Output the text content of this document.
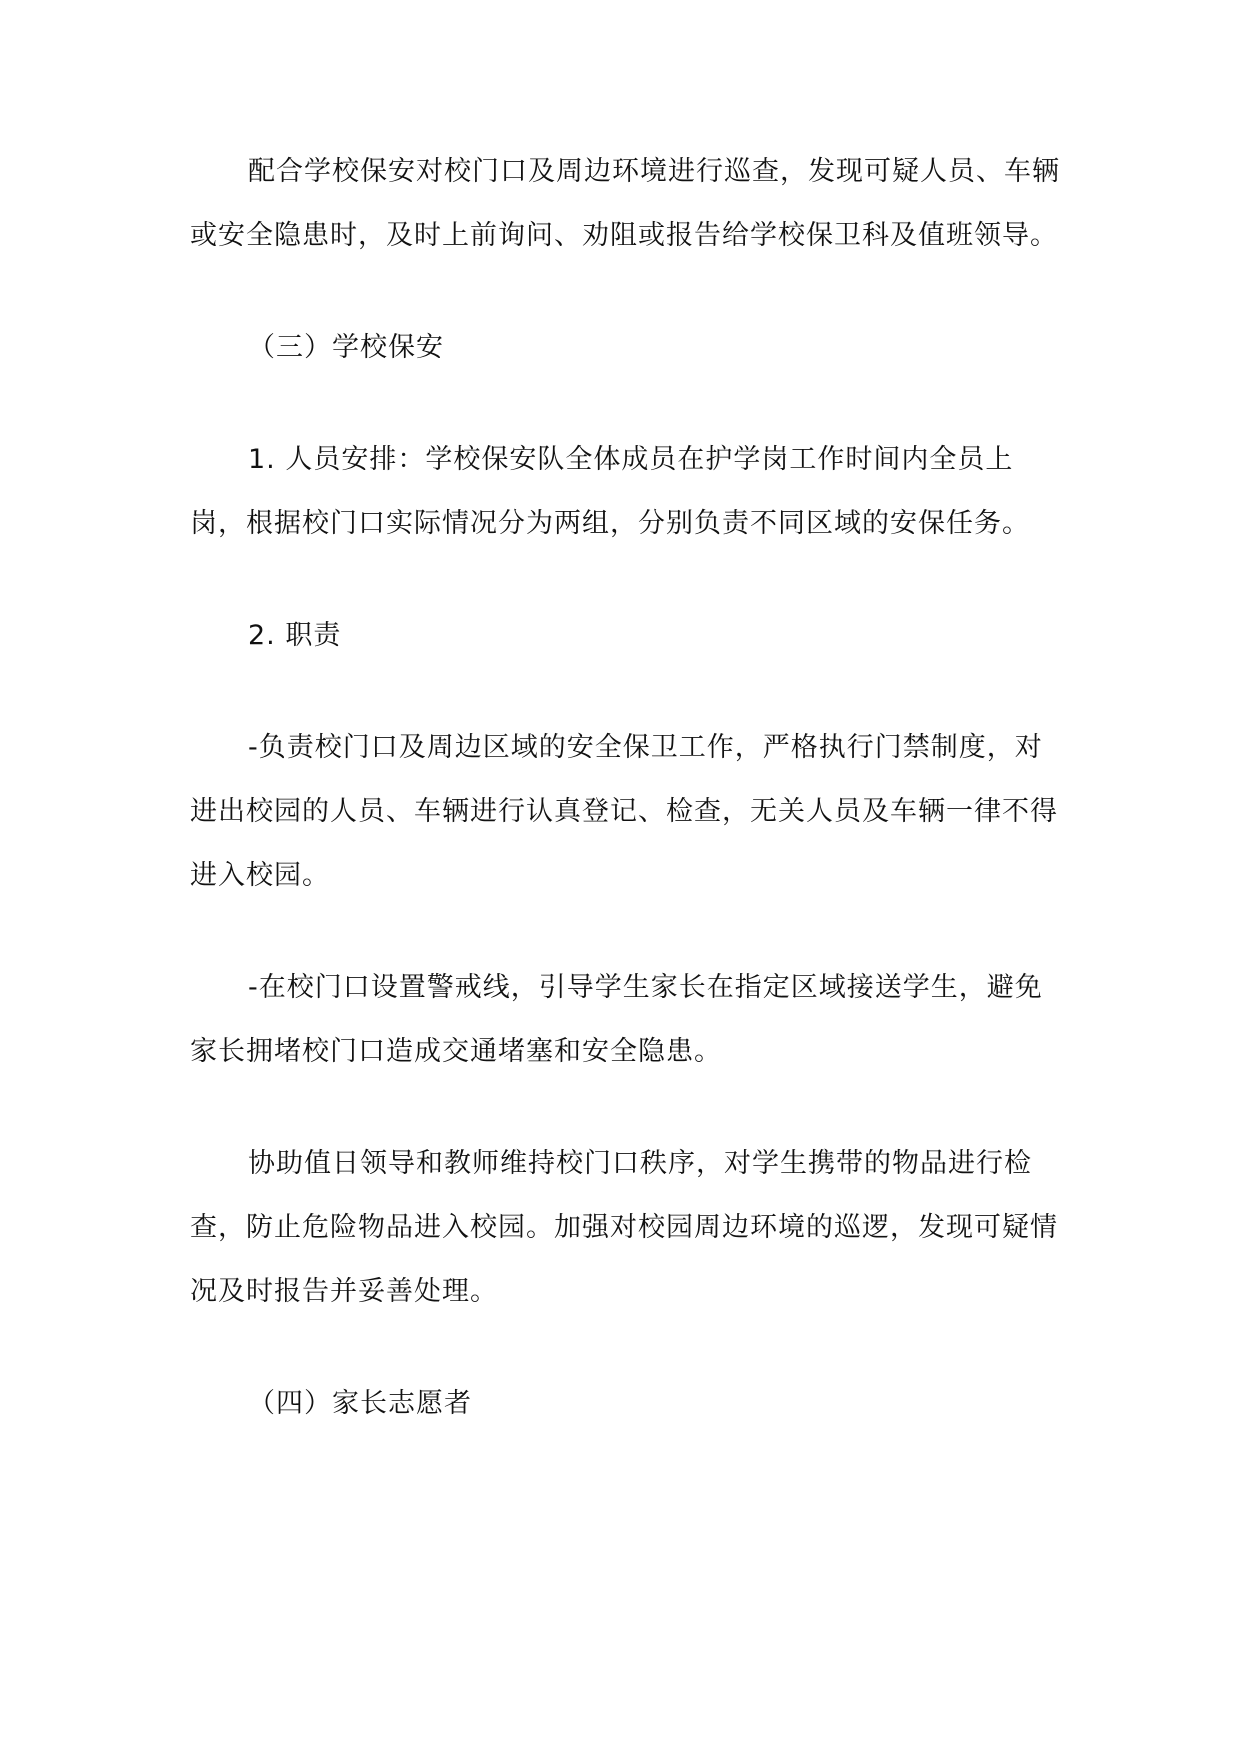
配合学校保安对校门口及周边环境进行巡查，发现可疑人员、车辆或安全隐患时，及时上前询问、劝阻或报告给学校保卫科及值班领导。

（三）学校保安

1. 人员安排：学校保安队全体成员在护学岗工作时间内全员上岗，根据校门口实际情况分为两组，分别负责不同区域的安保任务。

2. 职责

-负责校门口及周边区域的安全保卫工作，严格执行门禁制度，对进出校园的人员、车辆进行认真登记、检查，无关人员及车辆一律不得进入校园。

-在校门口设置警戒线，引导学生家长在指定区域接送学生，避免家长拥堵校门口造成交通堵塞和安全隐患。

协助值日领导和教师维持校门口秩序，对学生携带的物品进行检查，防止危险物品进入校园。加强对校园周边环境的巡逻，发现可疑情况及时报告并妥善处理。

（四）家长志愿者
